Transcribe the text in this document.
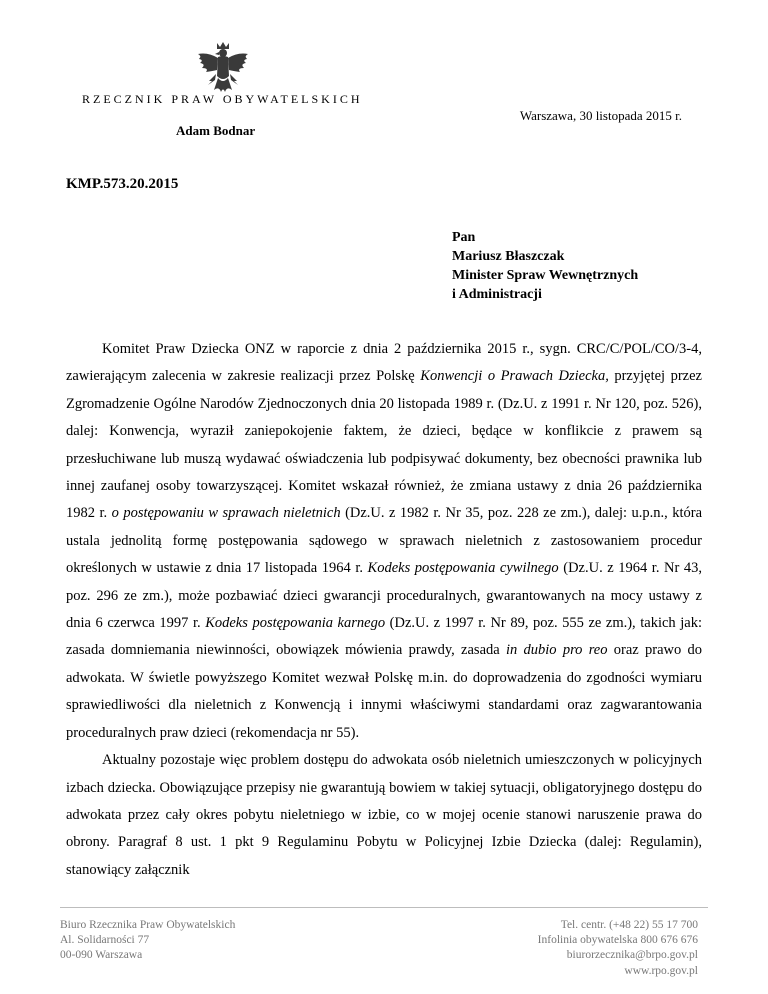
RZECZNIK PRAW OBYWATELSKICH
Adam Bodnar
Warszawa, 30 listopada 2015 r.
KMP.573.20.2015
Pan
Mariusz Błaszczak
Minister Spraw Wewnętrznych
i Administracji

Komitet Praw Dziecka ONZ w raporcie z dnia 2 października 2015 r., sygn. CRC/C/POL/CO/3-4, zawierającym zalecenia w zakresie realizacji przez Polskę Konwencji o Prawach Dziecka, przyjętej przez Zgromadzenie Ogólne Narodów Zjednoczonych dnia 20 listopada 1989 r. (Dz.U. z 1991 r. Nr 120, poz. 526), dalej: Konwencja, wyraził zaniepokojenie faktem, że dzieci, będące w konflikcie z prawem są przesłuchiwane lub muszą wydawać oświadczenia lub podpisywać dokumenty, bez obecności prawnika lub innej zaufanej osoby towarzyszącej. Komitet wskazał również, że zmiana ustawy z dnia 26 października 1982 r. o postępowaniu w sprawach nieletnich (Dz.U. z 1982 r. Nr 35, poz. 228 ze zm.), dalej: u.p.n., która ustala jednolitą formę postępowania sądowego w sprawach nieletnich z zastosowaniem procedur określonych w ustawie z dnia 17 listopada 1964 r. Kodeks postępowania cywilnego (Dz.U. z 1964 r. Nr 43, poz. 296 ze zm.), może pozbawiać dzieci gwarancji proceduralnych, gwarantowanych na mocy ustawy z dnia 6 czerwca 1997 r. Kodeks postępowania karnego (Dz.U. z 1997 r. Nr 89, poz. 555 ze zm.), takich jak: zasada domniemania niewinności, obowiązek mówienia prawdy, zasada in dubio pro reo oraz prawo do adwokata. W świetle powyższego Komitet wezwał Polskę m.in. do doprowadzenia do zgodności wymiaru sprawiedliwości dla nieletnich z Konwencją i innymi właściwymi standardami oraz zagwarantowania proceduralnych praw dzieci (rekomendacja nr 55).

Aktualny pozostaje więc problem dostępu do adwokata osób nieletnich umieszczonych w policyjnych izbach dziecka. Obowiązujące przepisy nie gwarantują bowiem w takiej sytuacji, obligatoryjnego dostępu do adwokata przez cały okres pobytu nieletniego w izbie, co w mojej ocenie stanowi naruszenie prawa do obrony. Paragraf 8 ust. 1 pkt 9 Regulaminu Pobytu w Policyjnej Izbie Dziecka (dalej: Regulamin), stanowiący załącznik

Biuro Rzecznika Praw Obywatelskich
Al. Solidarności 77
00-090 Warszawa
Tel. centr. (+48 22) 55 17 700
Infolinia obywatelska 800 676 676
biurorzecznika@brpo.gov.pl
www.rpo.gov.pl
